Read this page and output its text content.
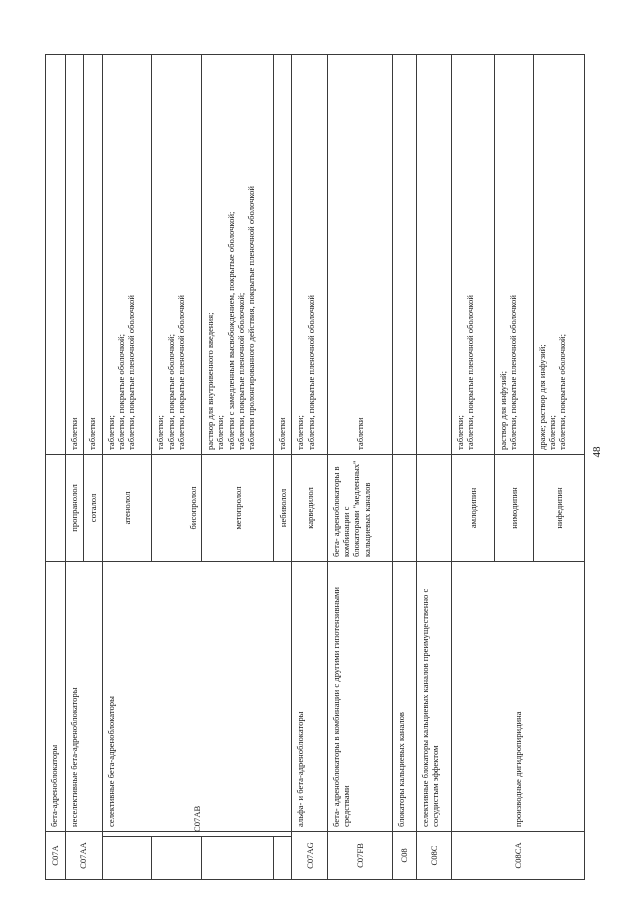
48
C07A		бета-адреноблокаторы		
C07AA		неселективные бета-адреноблокаторы	пропранолол	таблетки
			соталол	таблетки
	C07AB	селективные бета-адреноблокаторы	атенолол	таблетки; таблетки, покрытые оболочкой; таблетки, покрытые пленочной оболочкой

			бисопролол	таблетки; таблетки, покрытые оболочкой; таблетки, покрытые пленочной оболочкой

			метопролол	раствор для внутривенного введения; таблетки; таблетки с замедленным высвобождением, покрытые оболочкой; таблетки, покрытые пленочной оболочкой; таблетки пролонгированного действия, покрытые пленочной оболочкой

			небиволол	таблетки
C07AG		альфа- и бета-адреноблокаторы	карведилол	таблетки; таблетки, покрытые пленочной оболочкой

C07FB		бета- адреноблокаторы в комбинации с другими гипотензивными средствами	бета- адреноблокаторы в комбинации с блокаторами "медленных" кальциевых каналов	таблетки
C08		блокаторы кальциевых каналов		
C08C		селективные блокаторы кальциевых каналов преимущественно с сосудистым эффектом		
C08CA		производные дигидропиридина	амлодипин	таблетки; таблетки, покрытые пленочной оболочкой

			нимодипин	раствор для инфузий; таблетки, покрытые пленочной оболочкой

			нифедипин	драже; раствор для инфузий; таблетки; таблетки, покрытые оболочкой;
